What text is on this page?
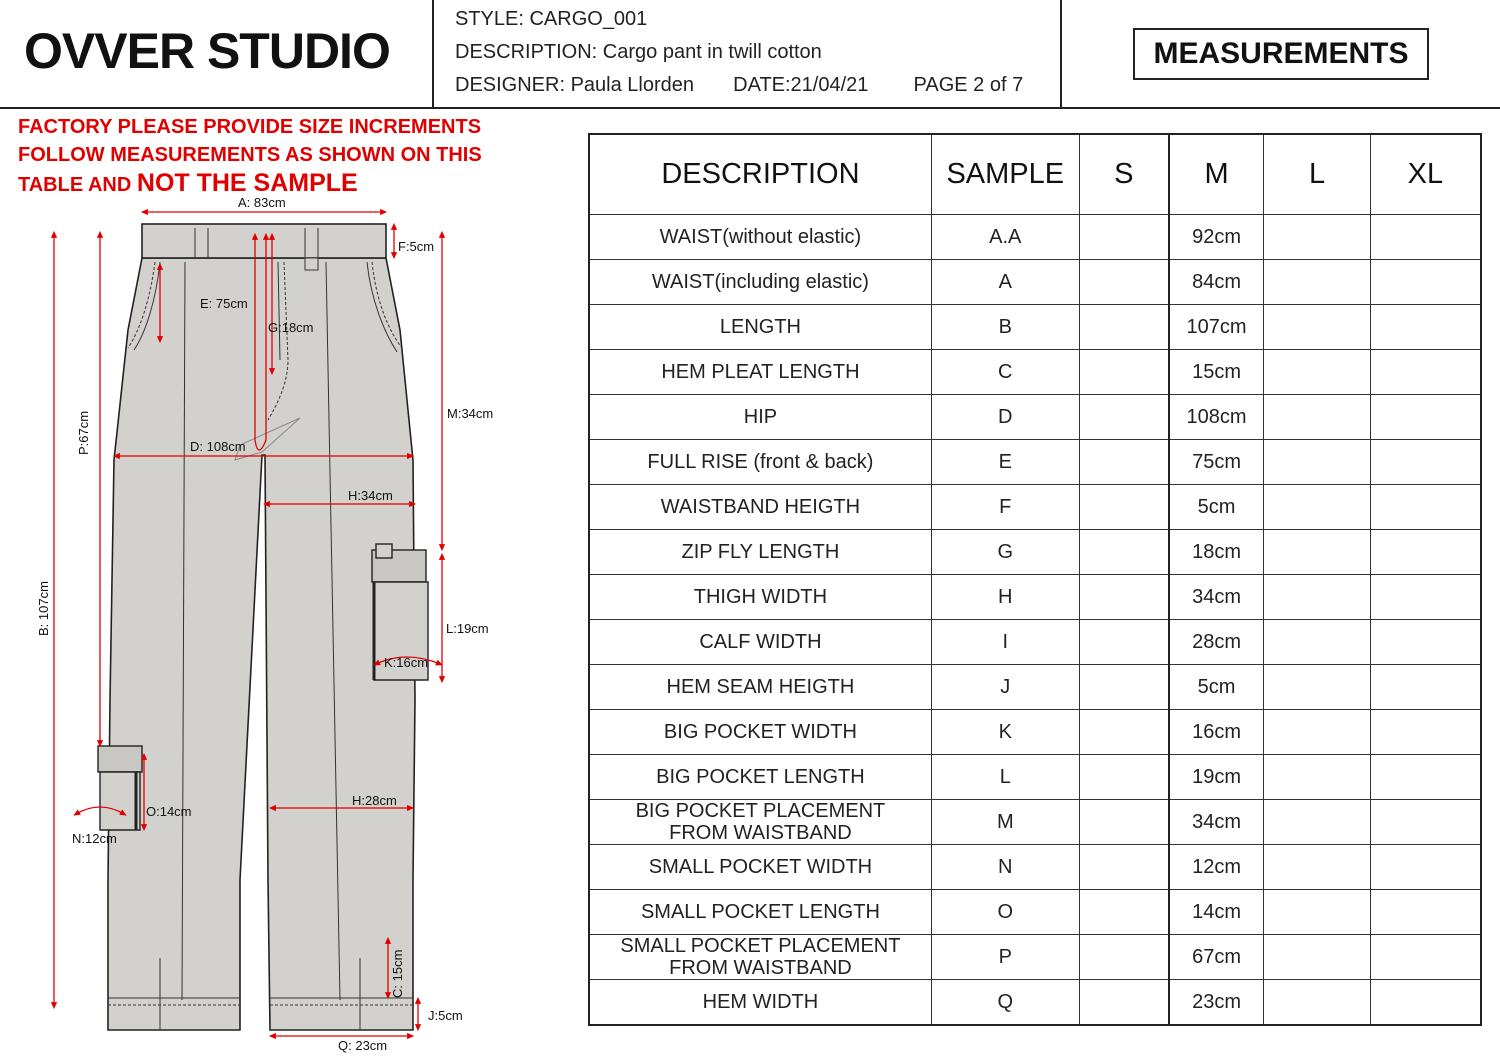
OVVER STUDIO
STYLE: CARGO_001
DESCRIPTION: Cargo pant in twill cotton
DESIGNER: Paula Llorden DATE:21/04/21 PAGE 2 of 7
MEASUREMENTS
FACTORY PLEASE PROVIDE SIZE INCREMENTS
FOLLOW MEASUREMENTS AS SHOWN ON THIS
TABLE AND NOT THE SAMPLE
A: 83cm
B: 107cm
P:67cm
F:5cm
E: 75cm
G:18cm
D: 108cm
H:34cm
M:34cm
L:19cm
K:16cm
H:28cm
O:14cm
N:12cm
C: 15cm
J:5cm
Q: 23cm
DESCRIPTION	SAMPLE	S	M	L	XL
WAIST(without elastic)	A.A		92cm		
WAIST(including elastic)	A		84cm		
LENGTH	B		107cm		
HEM PLEAT LENGTH	C		15cm		
HIP	D		108cm		
FULL RISE (front & back)	E		75cm		
WAISTBAND HEIGTH	F		5cm		
ZIP FLY LENGTH	G		18cm		
THIGH WIDTH	H		34cm		
CALF WIDTH	I		28cm		
HEM SEAM HEIGTH	J		5cm		
BIG POCKET WIDTH	K		16cm		
BIG POCKET LENGTH	L		19cm		
BIG POCKET PLACEMENT
FROM WAISTBAND	M		34cm		
SMALL POCKET WIDTH	N		12cm		
SMALL POCKET LENGTH	O		14cm		
SMALL POCKET PLACEMENT
FROM WAISTBAND	P		67cm		
HEM WIDTH	Q		23cm		
